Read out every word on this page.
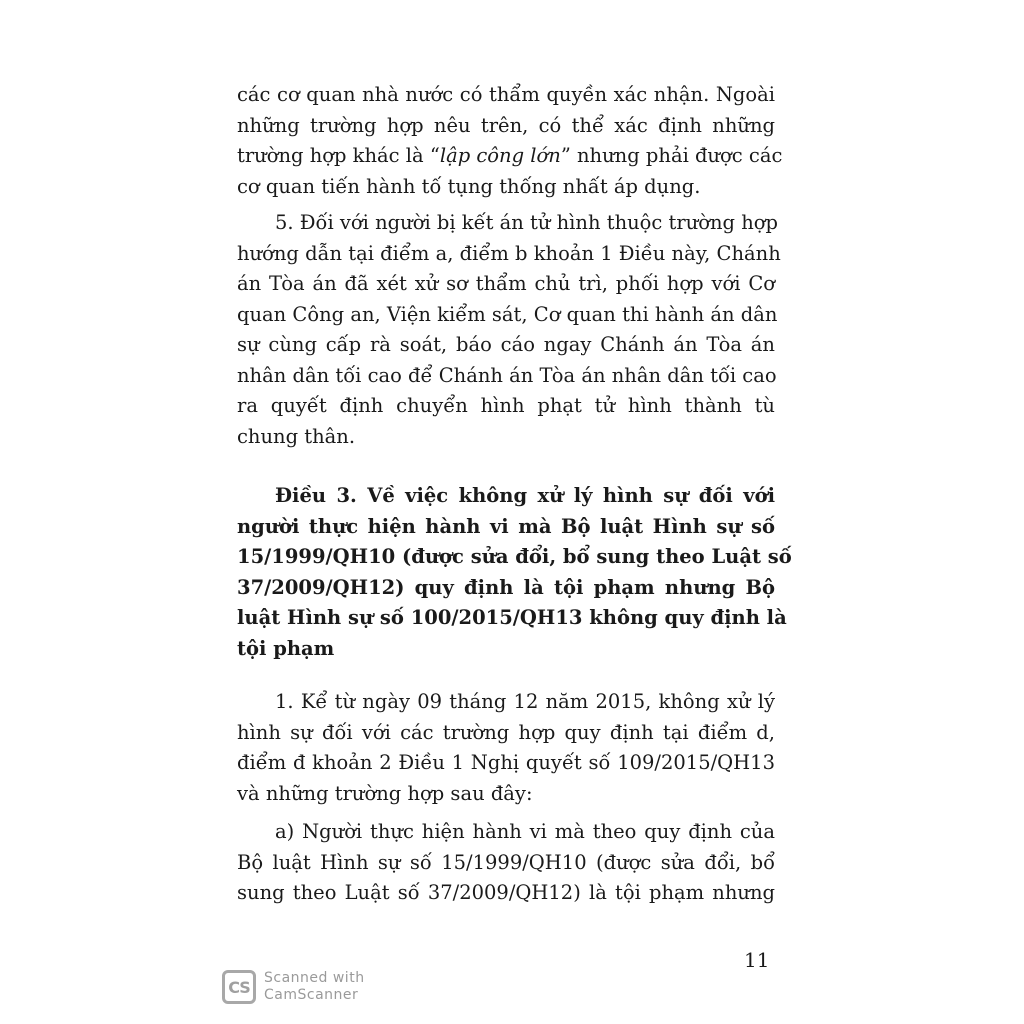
các cơ quan nhà nước có thẩm quyền xác nhận. Ngoài
những trường hợp nêu trên, có thể xác định những
trường hợp khác là “lập công lớn” nhưng phải được các
cơ quan tiến hành tố tụng thống nhất áp dụng.
5. Đối với người bị kết án tử hình thuộc trường hợp
hướng dẫn tại điểm a, điểm b khoản 1 Điều này, Chánh
án Tòa án đã xét xử sơ thẩm chủ trì, phối hợp với Cơ
quan Công an, Viện kiểm sát, Cơ quan thi hành án dân
sự cùng cấp rà soát, báo cáo ngay Chánh án Tòa án
nhân dân tối cao để Chánh án Tòa án nhân dân tối cao
ra quyết định chuyển hình phạt tử hình thành tù
chung thân.
Điều 3. Về việc không xử lý hình sự đối với
người thực hiện hành vi mà Bộ luật Hình sự số
15/1999/QH10 (được sửa đổi, bổ sung theo Luật số
37/2009/QH12) quy định là tội phạm nhưng Bộ
luật Hình sự số 100/2015/QH13 không quy định là
tội phạm
1. Kể từ ngày 09 tháng 12 năm 2015, không xử lý
hình sự đối với các trường hợp quy định tại điểm d,
điểm đ khoản 2 Điều 1 Nghị quyết số 109/2015/QH13
và những trường hợp sau đây:
a) Người thực hiện hành vi mà theo quy định của
Bộ luật Hình sự số 15/1999/QH10 (được sửa đổi, bổ
sung theo Luật số 37/2009/QH12) là tội phạm nhưng
11
CS	Scanned with
CamScanner
